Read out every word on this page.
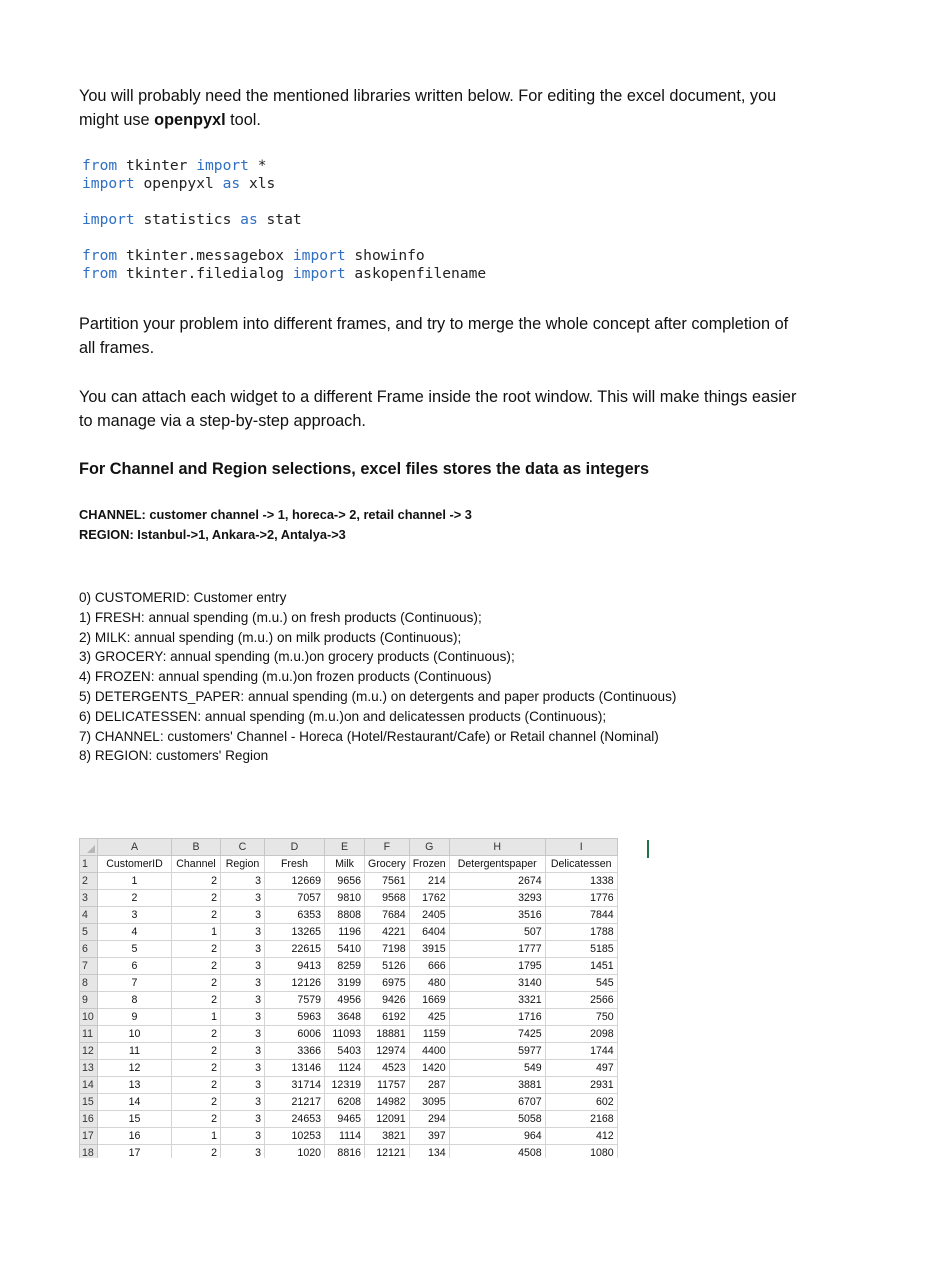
You will probably need the mentioned libraries written below. For editing the excel document, you
might use openpyxl tool.

from tkinter import *
import openpyxl as xls
import statistics as stat
from tkinter.messagebox import showinfo
from tkinter.filedialog import askopenfilename

Partition your problem into different frames, and try to merge the whole concept after completion of
all frames.

You can attach each widget to a different Frame inside the root window. This will make things easier
to manage via a step-by-step approach.

For Channel and Region selections, excel files stores the data as integers

CHANNEL: customer channel -> 1, horeca-> 2, retail channel -> 3
REGION: Istanbul->1, Ankara->2, Antalya->3
0) CUSTOMERID: Customer entry
1) FRESH: annual spending (m.u.) on fresh products (Continuous);
2) MILK: annual spending (m.u.) on milk products (Continuous);
3) GROCERY: annual spending (m.u.)on grocery products (Continuous);
4) FROZEN: annual spending (m.u.)on frozen products (Continuous)
5) DETERGENTS_PAPER: annual spending (m.u.) on detergents and paper products (Continuous)
6) DELICATESSEN: annual spending (m.u.)on and delicatessen products (Continuous);
7) CHANNEL: customers' Channel - Horeca (Hotel/Restaurant/Cafe) or Retail channel (Nominal)
8) REGION: customers' Region
	A	B	C	D	E	F	G	H	I
1	CustomerID	Channel	Region	Fresh	Milk	Grocery	Frozen	Detergentspaper	Delicatessen
2	1	2	3	12669	9656	7561	214	2674	1338
3	2	2	3	7057	9810	9568	1762	3293	1776
4	3	2	3	6353	8808	7684	2405	3516	7844
5	4	1	3	13265	1196	4221	6404	507	1788
6	5	2	3	22615	5410	7198	3915	1777	5185
7	6	2	3	9413	8259	5126	666	1795	1451
8	7	2	3	12126	3199	6975	480	3140	545
9	8	2	3	7579	4956	9426	1669	3321	2566
10	9	1	3	5963	3648	6192	425	1716	750
11	10	2	3	6006	11093	18881	1159	7425	2098
12	11	2	3	3366	5403	12974	4400	5977	1744
13	12	2	3	13146	1124	4523	1420	549	497
14	13	2	3	31714	12319	11757	287	3881	2931
15	14	2	3	21217	6208	14982	3095	6707	602
16	15	2	3	24653	9465	12091	294	5058	2168
17	16	1	3	10253	1114	3821	397	964	412
18	17	2	3	1020	8816	12121	134	4508	1080
